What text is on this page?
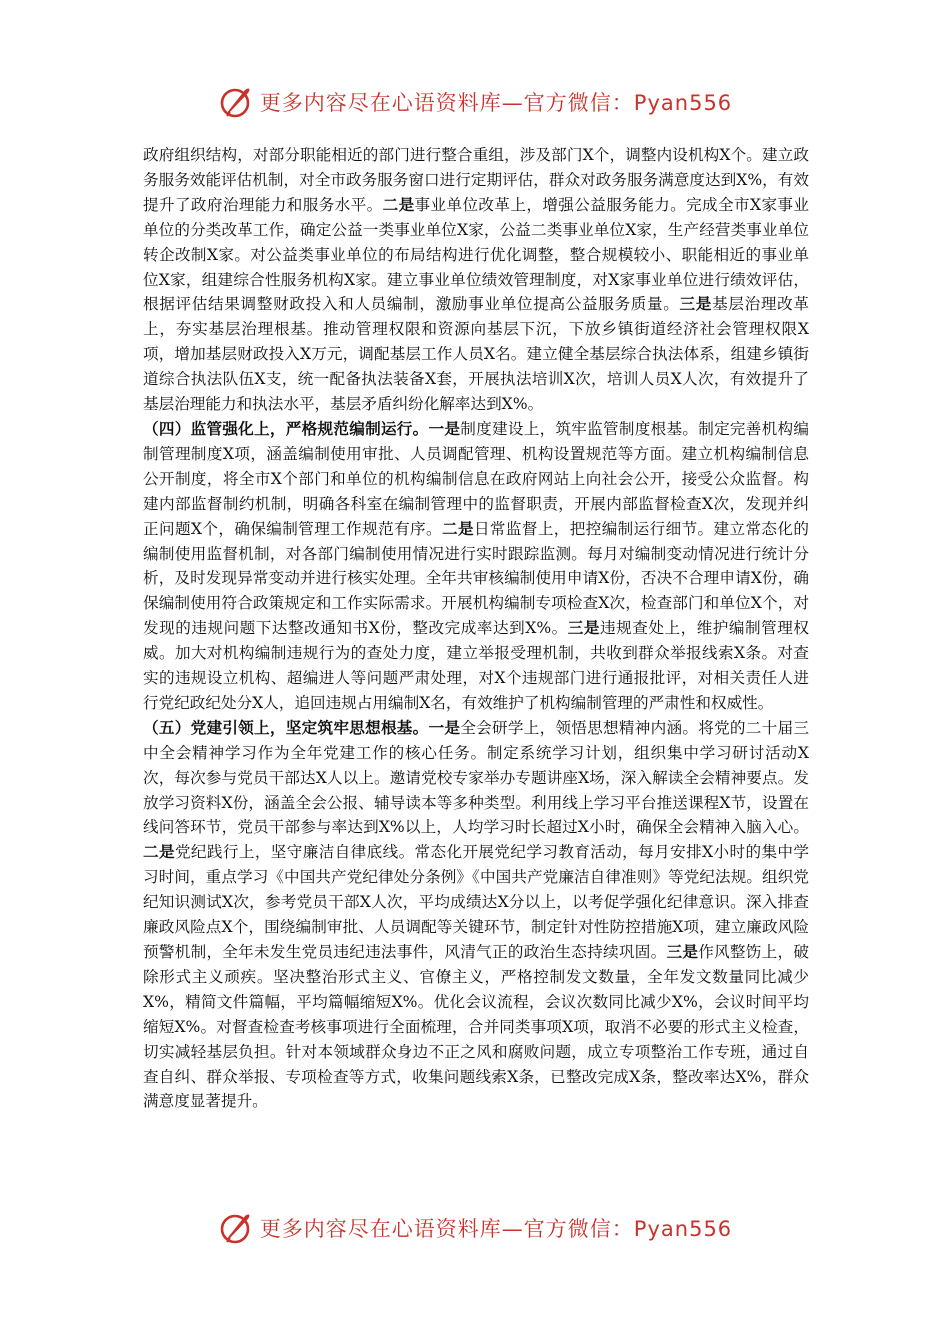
更多内容尽在心语资料库—官方微信：Pyan556

政府组织结构，对部分职能相近的部门进行整合重组，涉及部门X个，调整内设机构X个。建立政务服务效能评估机制，对全市政务服务窗口进行定期评估，群众对政务服务满意度达到X%，有效提升了政府治理能力和服务水平。二是事业单位改革上，增强公益服务能力。完成全市X家事业单位的分类改革工作，确定公益一类事业单位X家，公益二类事业单位X家，生产经营类事业单位转企改制X家。对公益类事业单位的布局结构进行优化调整，整合规模较小、职能相近的事业单位X家，组建综合性服务机构X家。建立事业单位绩效管理制度，对X家事业单位进行绩效评估，根据评估结果调整财政投入和人员编制，激励事业单位提高公益服务质量。三是基层治理改革上，夯实基层治理根基。推动管理权限和资源向基层下沉，下放乡镇街道经济社会管理权限X项，增加基层财政投入X万元，调配基层工作人员X名。建立健全基层综合执法体系，组建乡镇街道综合执法队伍X支，统一配备执法装备X套，开展执法培训X次，培训人员X人次，有效提升了基层治理能力和执法水平，基层矛盾纠纷化解率达到X%。

（四）监管强化上，严格规范编制运行。一是制度建设上，筑牢监管制度根基。制定完善机构编制管理制度X项，涵盖编制使用审批、人员调配管理、机构设置规范等方面。建立机构编制信息公开制度，将全市X个部门和单位的机构编制信息在政府网站上向社会公开，接受公众监督。构建内部监督制约机制，明确各科室在编制管理中的监督职责，开展内部监督检查X次，发现并纠正问题X个，确保编制管理工作规范有序。二是日常监督上，把控编制运行细节。建立常态化的编制使用监督机制，对各部门编制使用情况进行实时跟踪监测。每月对编制变动情况进行统计分析，及时发现异常变动并进行核实处理。全年共审核编制使用申请X份，否决不合理申请X份，确保编制使用符合政策规定和工作实际需求。开展机构编制专项检查X次，检查部门和单位X个，对发现的违规问题下达整改通知书X份，整改完成率达到X%。三是违规查处上，维护编制管理权威。加大对机构编制违规行为的查处力度，建立举报受理机制，共收到群众举报线索X条。对查实的违规设立机构、超编进人等问题严肃处理，对X个违规部门进行通报批评，对相关责任人进行党纪政纪处分X人，追回违规占用编制X名，有效维护了机构编制管理的严肃性和权威性。

（五）党建引领上，坚定筑牢思想根基。一是全会研学上，领悟思想精神内涵。将党的二十届三中全会精神学习作为全年党建工作的核心任务。制定系统学习计划，组织集中学习研讨活动X次，每次参与党员干部达X人以上。邀请党校专家举办专题讲座X场，深入解读全会精神要点。发放学习资料X份，涵盖全会公报、辅导读本等多种类型。利用线上学习平台推送课程X节，设置在线问答环节，党员干部参与率达到X%以上，人均学习时长超过X小时，确保全会精神入脑入心。二是党纪践行上，坚守廉洁自律底线。常态化开展党纪学习教育活动，每月安排X小时的集中学习时间，重点学习《中国共产党纪律处分条例》《中国共产党廉洁自律准则》等党纪法规。组织党纪知识测试X次，参考党员干部X人次，平均成绩达X分以上，以考促学强化纪律意识。深入排查廉政风险点X个，围绕编制审批、人员调配等关键环节，制定针对性防控措施X项，建立廉政风险预警机制，全年未发生党员违纪违法事件，风清气正的政治生态持续巩固。三是作风整饬上，破除形式主义顽疾。坚决整治形式主义、官僚主义，严格控制发文数量，全年发文数量同比减少X%，精简文件篇幅，平均篇幅缩短X%。优化会议流程，会议次数同比减少X%，会议时间平均缩短X%。对督查检查考核事项进行全面梳理，合并同类事项X项，取消不必要的形式主义检查，切实减轻基层负担。针对本领域群众身边不正之风和腐败问题，成立专项整治工作专班，通过自查自纠、群众举报、专项检查等方式，收集问题线索X条，已整改完成X条，整改率达X%，群众满意度显著提升。

更多内容尽在心语资料库—官方微信：Pyan556
